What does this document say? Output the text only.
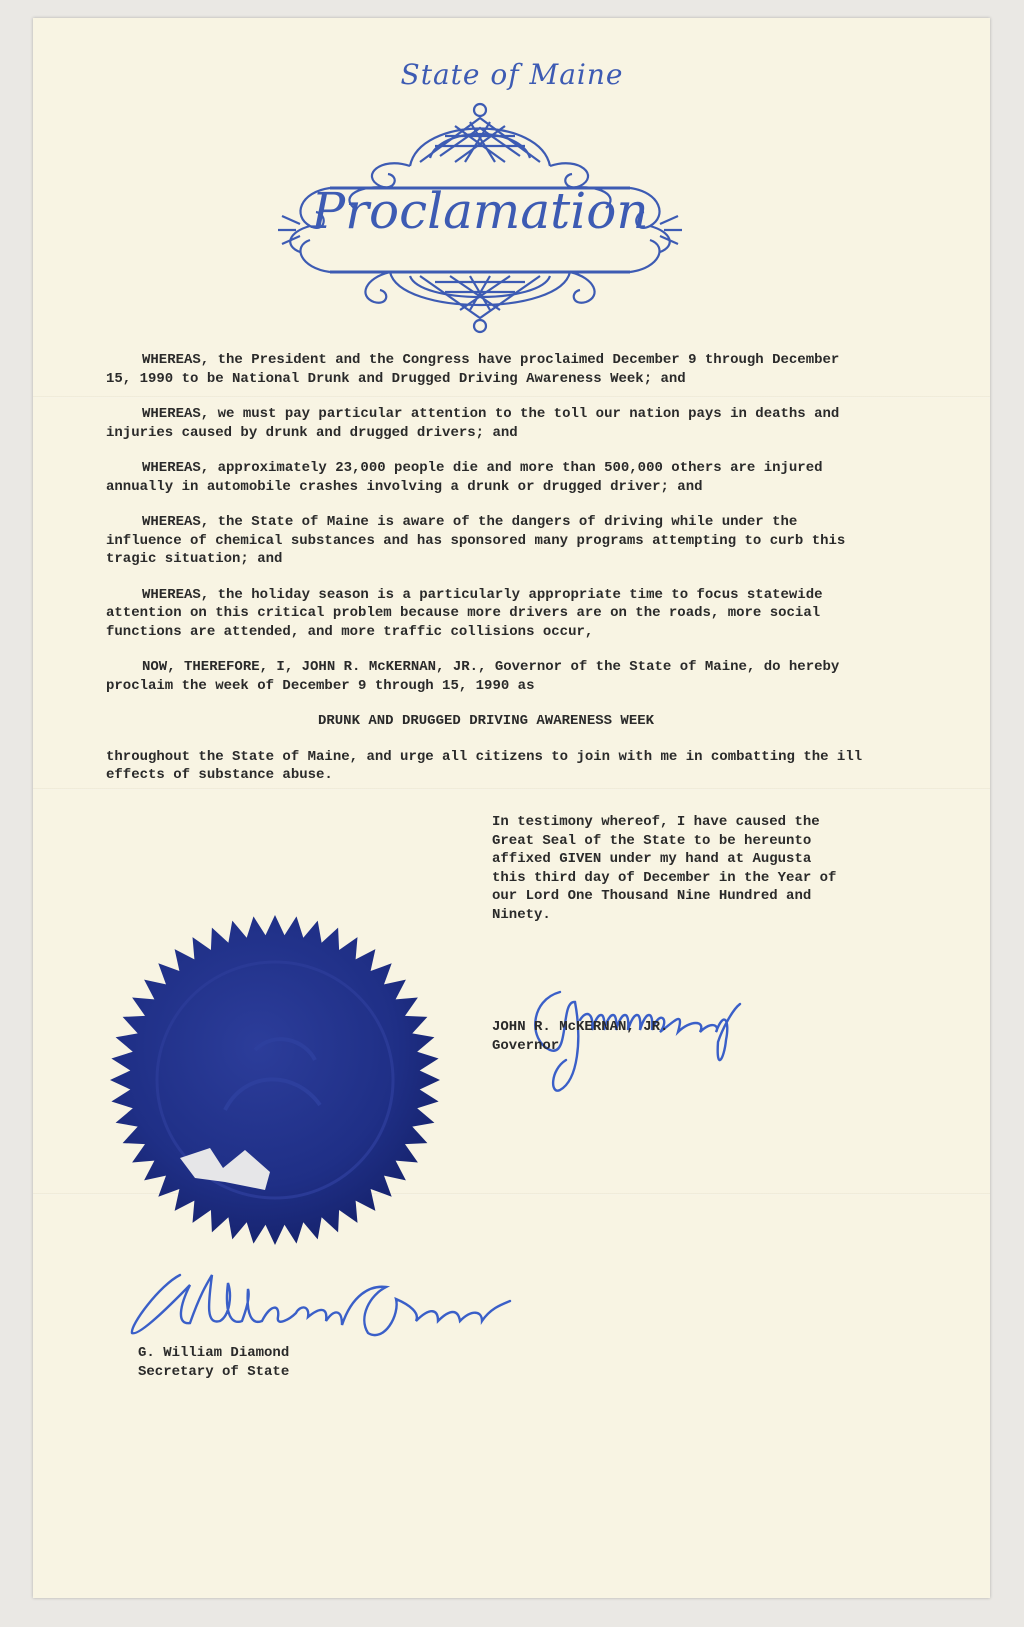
State of Maine
Proclamation

WHEREAS, the President and the Congress have proclaimed December 9 through December 15, 1990 to be National Drunk and Drugged Driving Awareness Week; and

WHEREAS, we must pay particular attention to the toll our nation pays in deaths and injuries caused by drunk and drugged drivers; and

WHEREAS, approximately 23,000 people die and more than 500,000 others are injured annually in automobile crashes involving a drunk or drugged driver; and

WHEREAS, the State of Maine is aware of the dangers of driving while under the influence of chemical substances and has sponsored many programs attempting to curb this tragic situation; and

WHEREAS, the holiday season is a particularly appropriate time to focus statewide attention on this critical problem because more drivers are on the roads, more social functions are attended, and more traffic collisions occur,

NOW, THEREFORE, I, JOHN R. McKERNAN, JR., Governor of the State of Maine, do hereby proclaim the week of December 9 through 15, 1990 as

DRUNK AND DRUGGED DRIVING AWARENESS WEEK

throughout the State of Maine, and urge all citizens to join with me in combatting the ill effects of substance abuse.

In testimony whereof, I have caused the Great Seal of the State to be hereunto affixed GIVEN under my hand at Augusta this third day of December in the Year of our Lord One Thousand Nine Hundred and Ninety.
JOHN R. McKERNAN, JR.
Governor
G. William Diamond
Secretary of State
